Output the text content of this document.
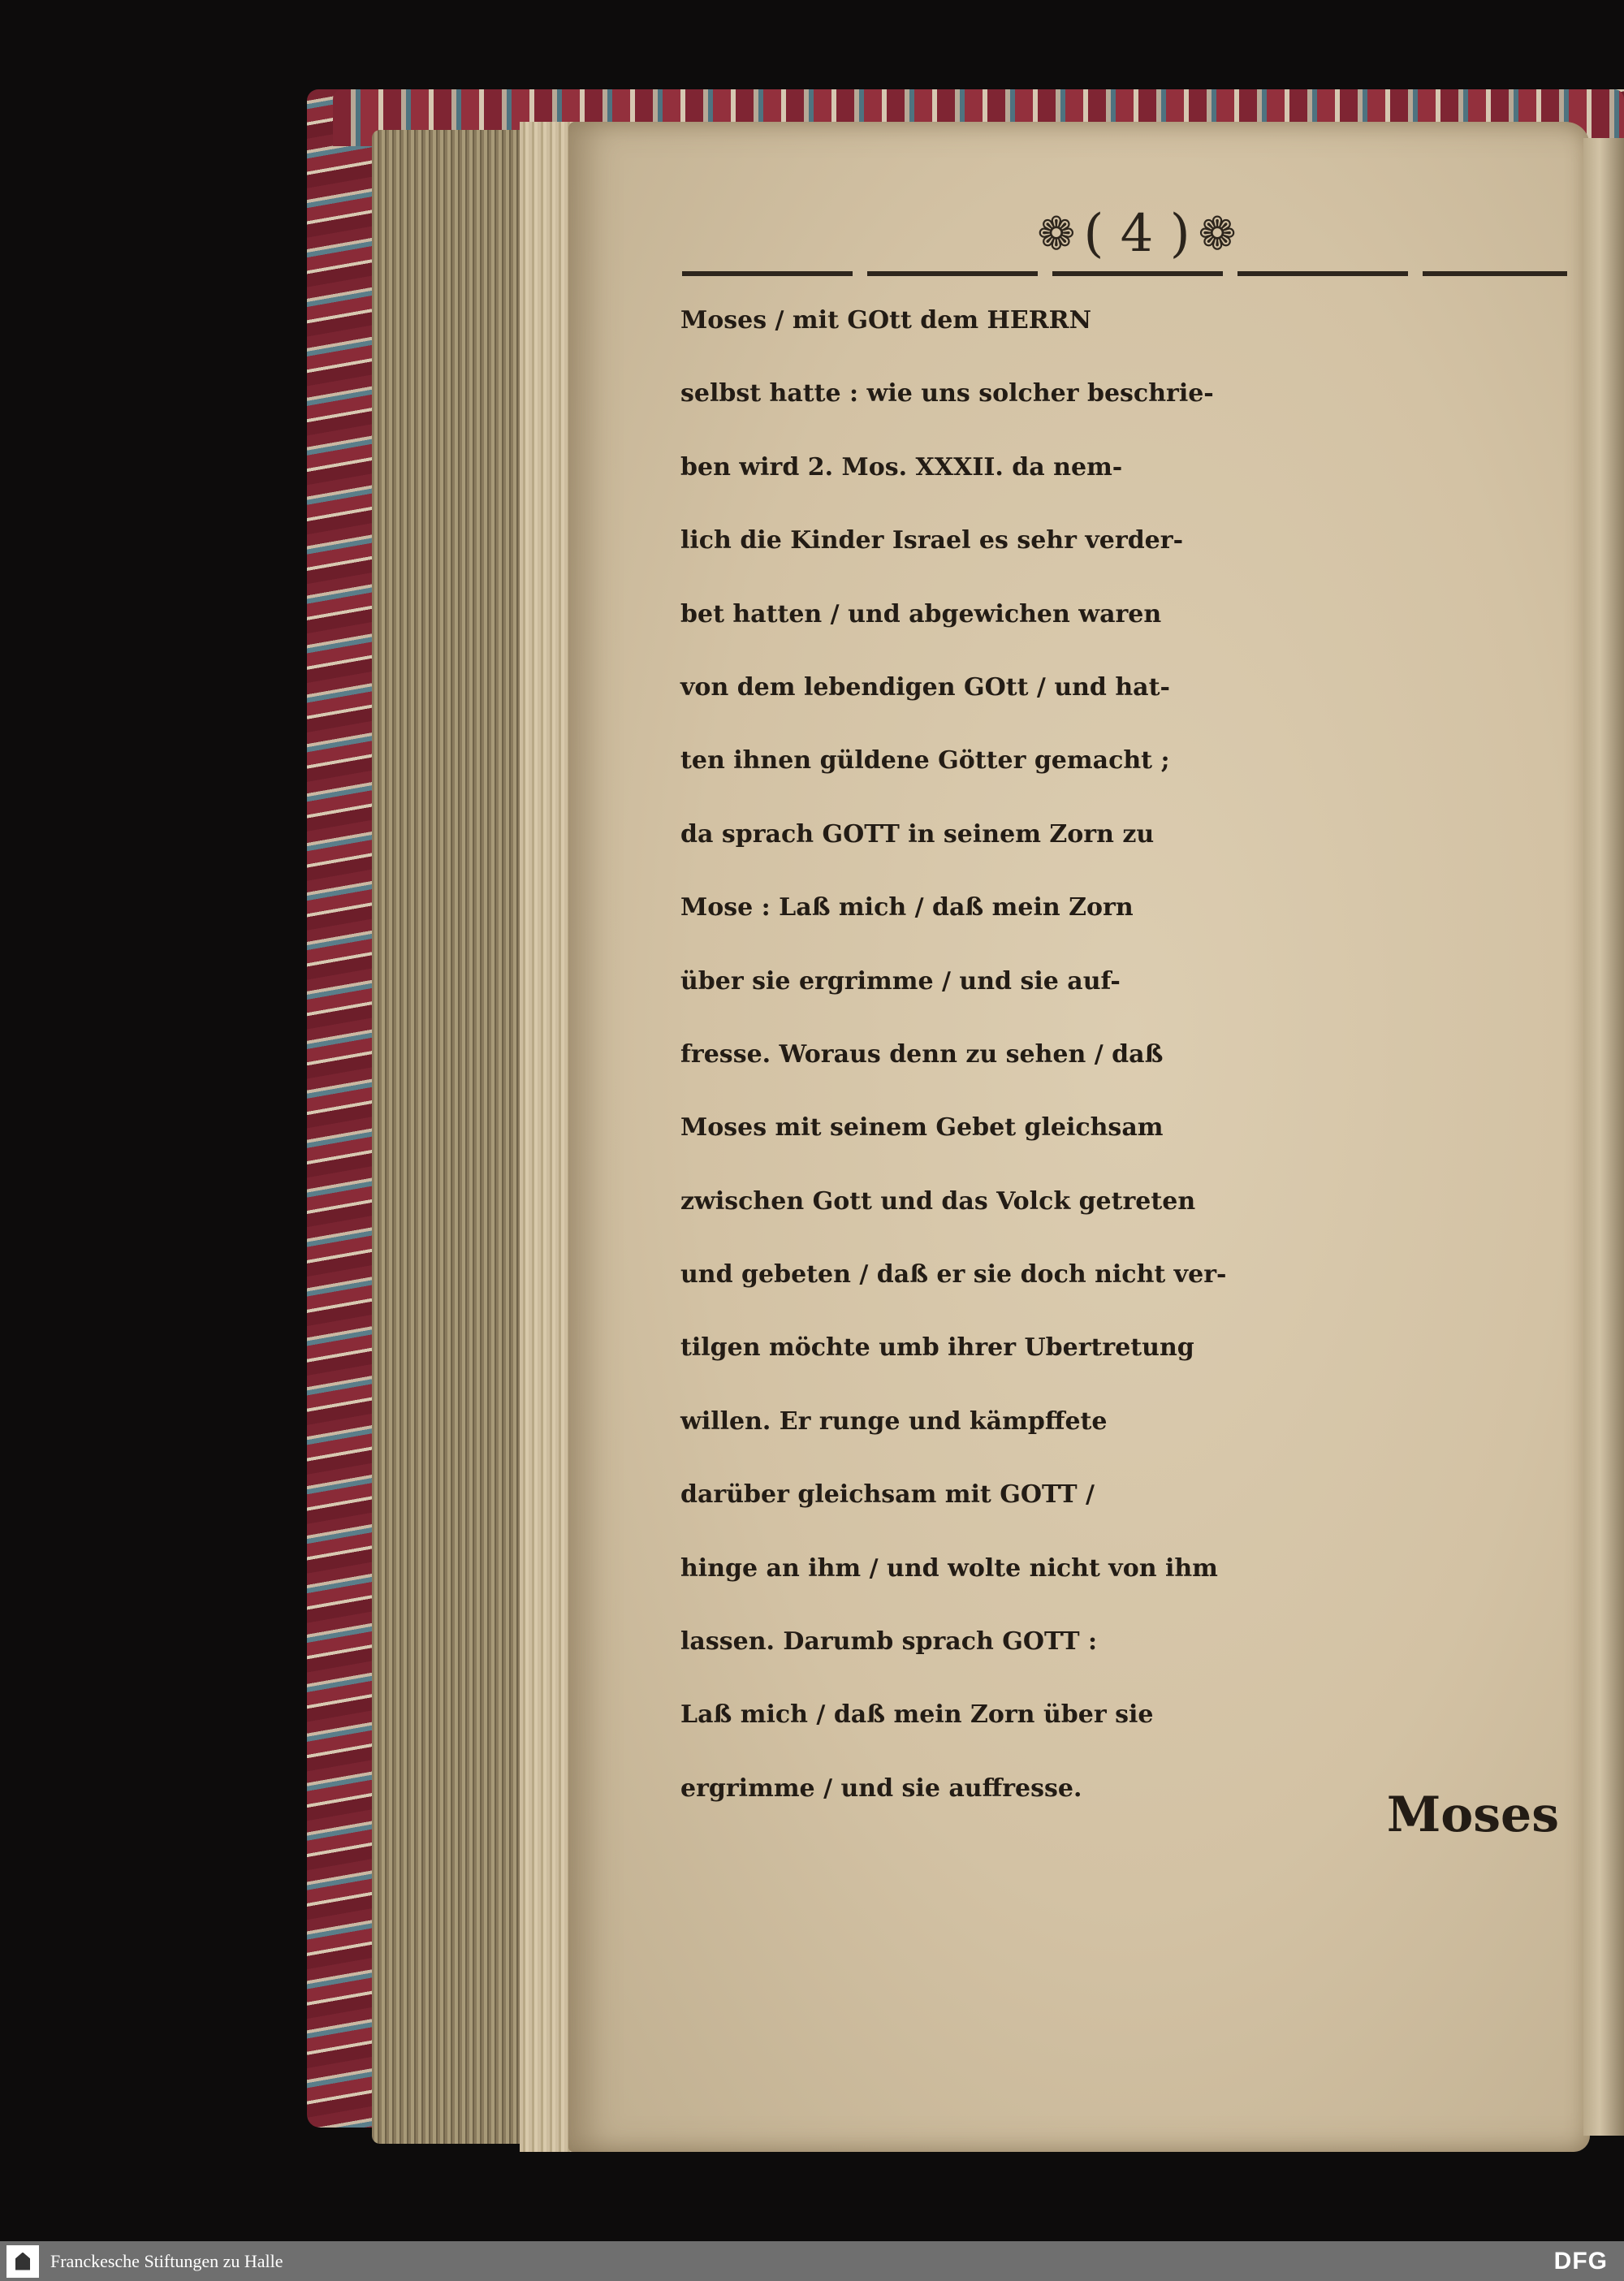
❁ ( 4 ) ❁
Moses / mit GOtt dem HERRN
selbst hatte : wie uns solcher beschrie-
ben wird 2. Mos. XXXII. da nem-
lich die Kinder Israel es sehr verder-
bet hatten / und abgewichen waren
von dem lebendigen GOtt / und hat-
ten ihnen güldene Götter gemacht ;
da sprach GOTT in seinem Zorn zu
Mose : Laß mich / daß mein Zorn
über sie ergrimme / und sie auf-
fresse. Woraus denn zu sehen / daß
Moses mit seinem Gebet gleichsam
zwischen Gott und das Volck getreten
und gebeten / daß er sie doch nicht ver-
tilgen möchte umb ihrer Ubertretung
willen. Er runge und kämpffete
darüber gleichsam mit GOTT /
hinge an ihm / und wolte nicht von ihm
lassen. Darumb sprach GOTT :
Laß mich / daß mein Zorn über sie
ergrimme / und sie auffresse.	Moses
Franckesche Stiftungen zu Halle	DFG
